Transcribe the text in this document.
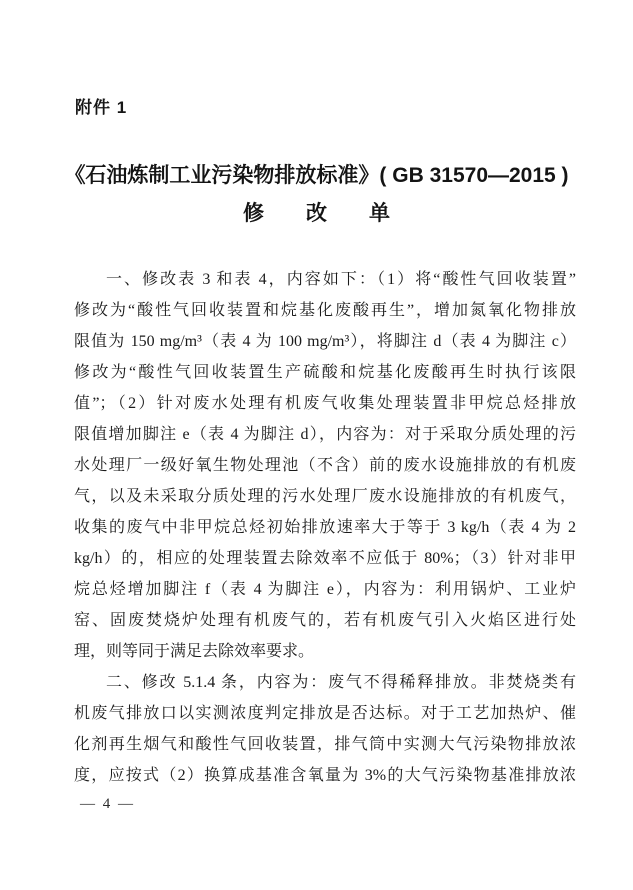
附件 1
《石油炼制工业污染物排放标准》( GB 31570—2015 )
修　　改　　单
一、修改表 3 和表 4，内容如下：（1）将“酸性气回收装置”
修改为“酸性气回收装置和烷基化废酸再生”，增加氮氧化物排放
限值为 150 mg/m³（表 4 为 100 mg/m³），将脚注 d（表 4 为脚注 c）
修改为“酸性气回收装置生产硫酸和烷基化废酸再生时执行该限
值”；（2）针对废水处理有机废气收集处理装置非甲烷总烃排放
限值增加脚注 e（表 4 为脚注 d），内容为：对于采取分质处理的污
水处理厂一级好氧生物处理池（不含）前的废水设施排放的有机废
气，以及未采取分质处理的污水处理厂废水设施排放的有机废气，
收集的废气中非甲烷总烃初始排放速率大于等于 3 kg/h（表 4 为 2
kg/h）的，相应的处理装置去除效率不应低于 80%；（3）针对非甲
烷总烃增加脚注 f（表 4 为脚注 e），内容为：利用锅炉、工业炉
窑、固废焚烧炉处理有机废气的，若有机废气引入火焰区进行处
理，则等同于满足去除效率要求。
二、修改 5.1.4 条，内容为：废气不得稀释排放。非焚烧类有
机废气排放口以实测浓度判定排放是否达标。对于工艺加热炉、催
化剂再生烟气和酸性气回收装置，排气筒中实测大气污染物排放浓
度，应按式（2）换算成基准含氧量为 3%的大气污染物基准排放浓
— 4 —
